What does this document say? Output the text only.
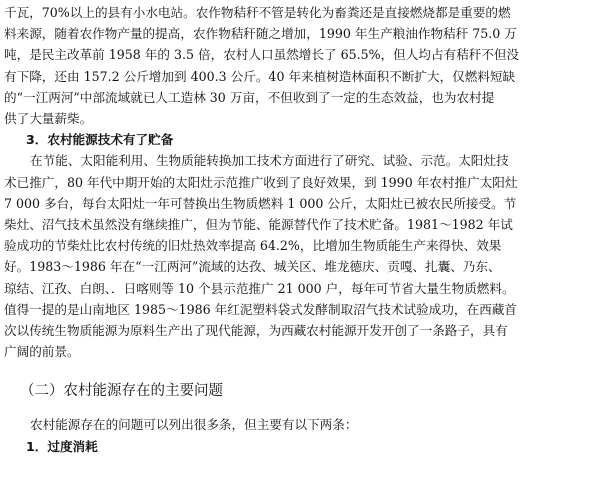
千瓦，70%以上的县有小水电站。农作物秸秆不管是转化为畜粪还是直接燃烧都是重要的燃
料来源，随着农作物产量的提高，农作物秸秆随之增加，1990 年生产粮油作物秸秆 75.0 万
吨，是民主改革前 1958 年的 3.5 倍，农村人口虽然增长了 65.5%，但人均占有秸秆不但没
有下降，还由 157.2 公斤增加到 400.3 公斤。40 年来植树造林面积不断扩大，仅燃料短缺
的“一江两河”中部流域就已人工造林 30 万亩，不但收到了一定的生态效益，也为农村提
供了大量薪柴。
3．农村能源技术有了贮备
在节能、太阳能利用、生物质能转换加工技术方面进行了研究、试验、示范。太阳灶技
术已推广，80 年代中期开始的太阳灶示范推广收到了良好效果，到 1990 年农村推广太阳灶
7 000 多台，每台太阳灶一年可替换出生物质燃料 1 000 公斤，太阳灶已被农民所接受。节
柴灶、沼气技术虽然没有继续推广，但为节能、能源替代作了技术贮备。1981～1982 年试
验成功的节柴灶比农村传统的旧灶热效率提高 64.2%，比增加生物质能生产来得快、效果
好。1983～1986 年在“一江两河”流域的达孜、城关区、堆龙德庆、贡嘎、扎囊、乃东、
琼结、江孜、白朗、．日喀则等 10 个县示范推广 21 000 户，每年可节省大量生物质燃料。
值得一提的是山南地区 1985～1986 年红泥塑料袋式发酵制取沼气技术试验成功，在西藏首
次以传统生物质能源为原料生产出了现代能源，为西藏农村能源开发开创了一条路子，具有
广阔的前景。
（二）农村能源存在的主要问题
农村能源存在的问题可以列出很多条，但主要有以下两条：
1．过度消耗
